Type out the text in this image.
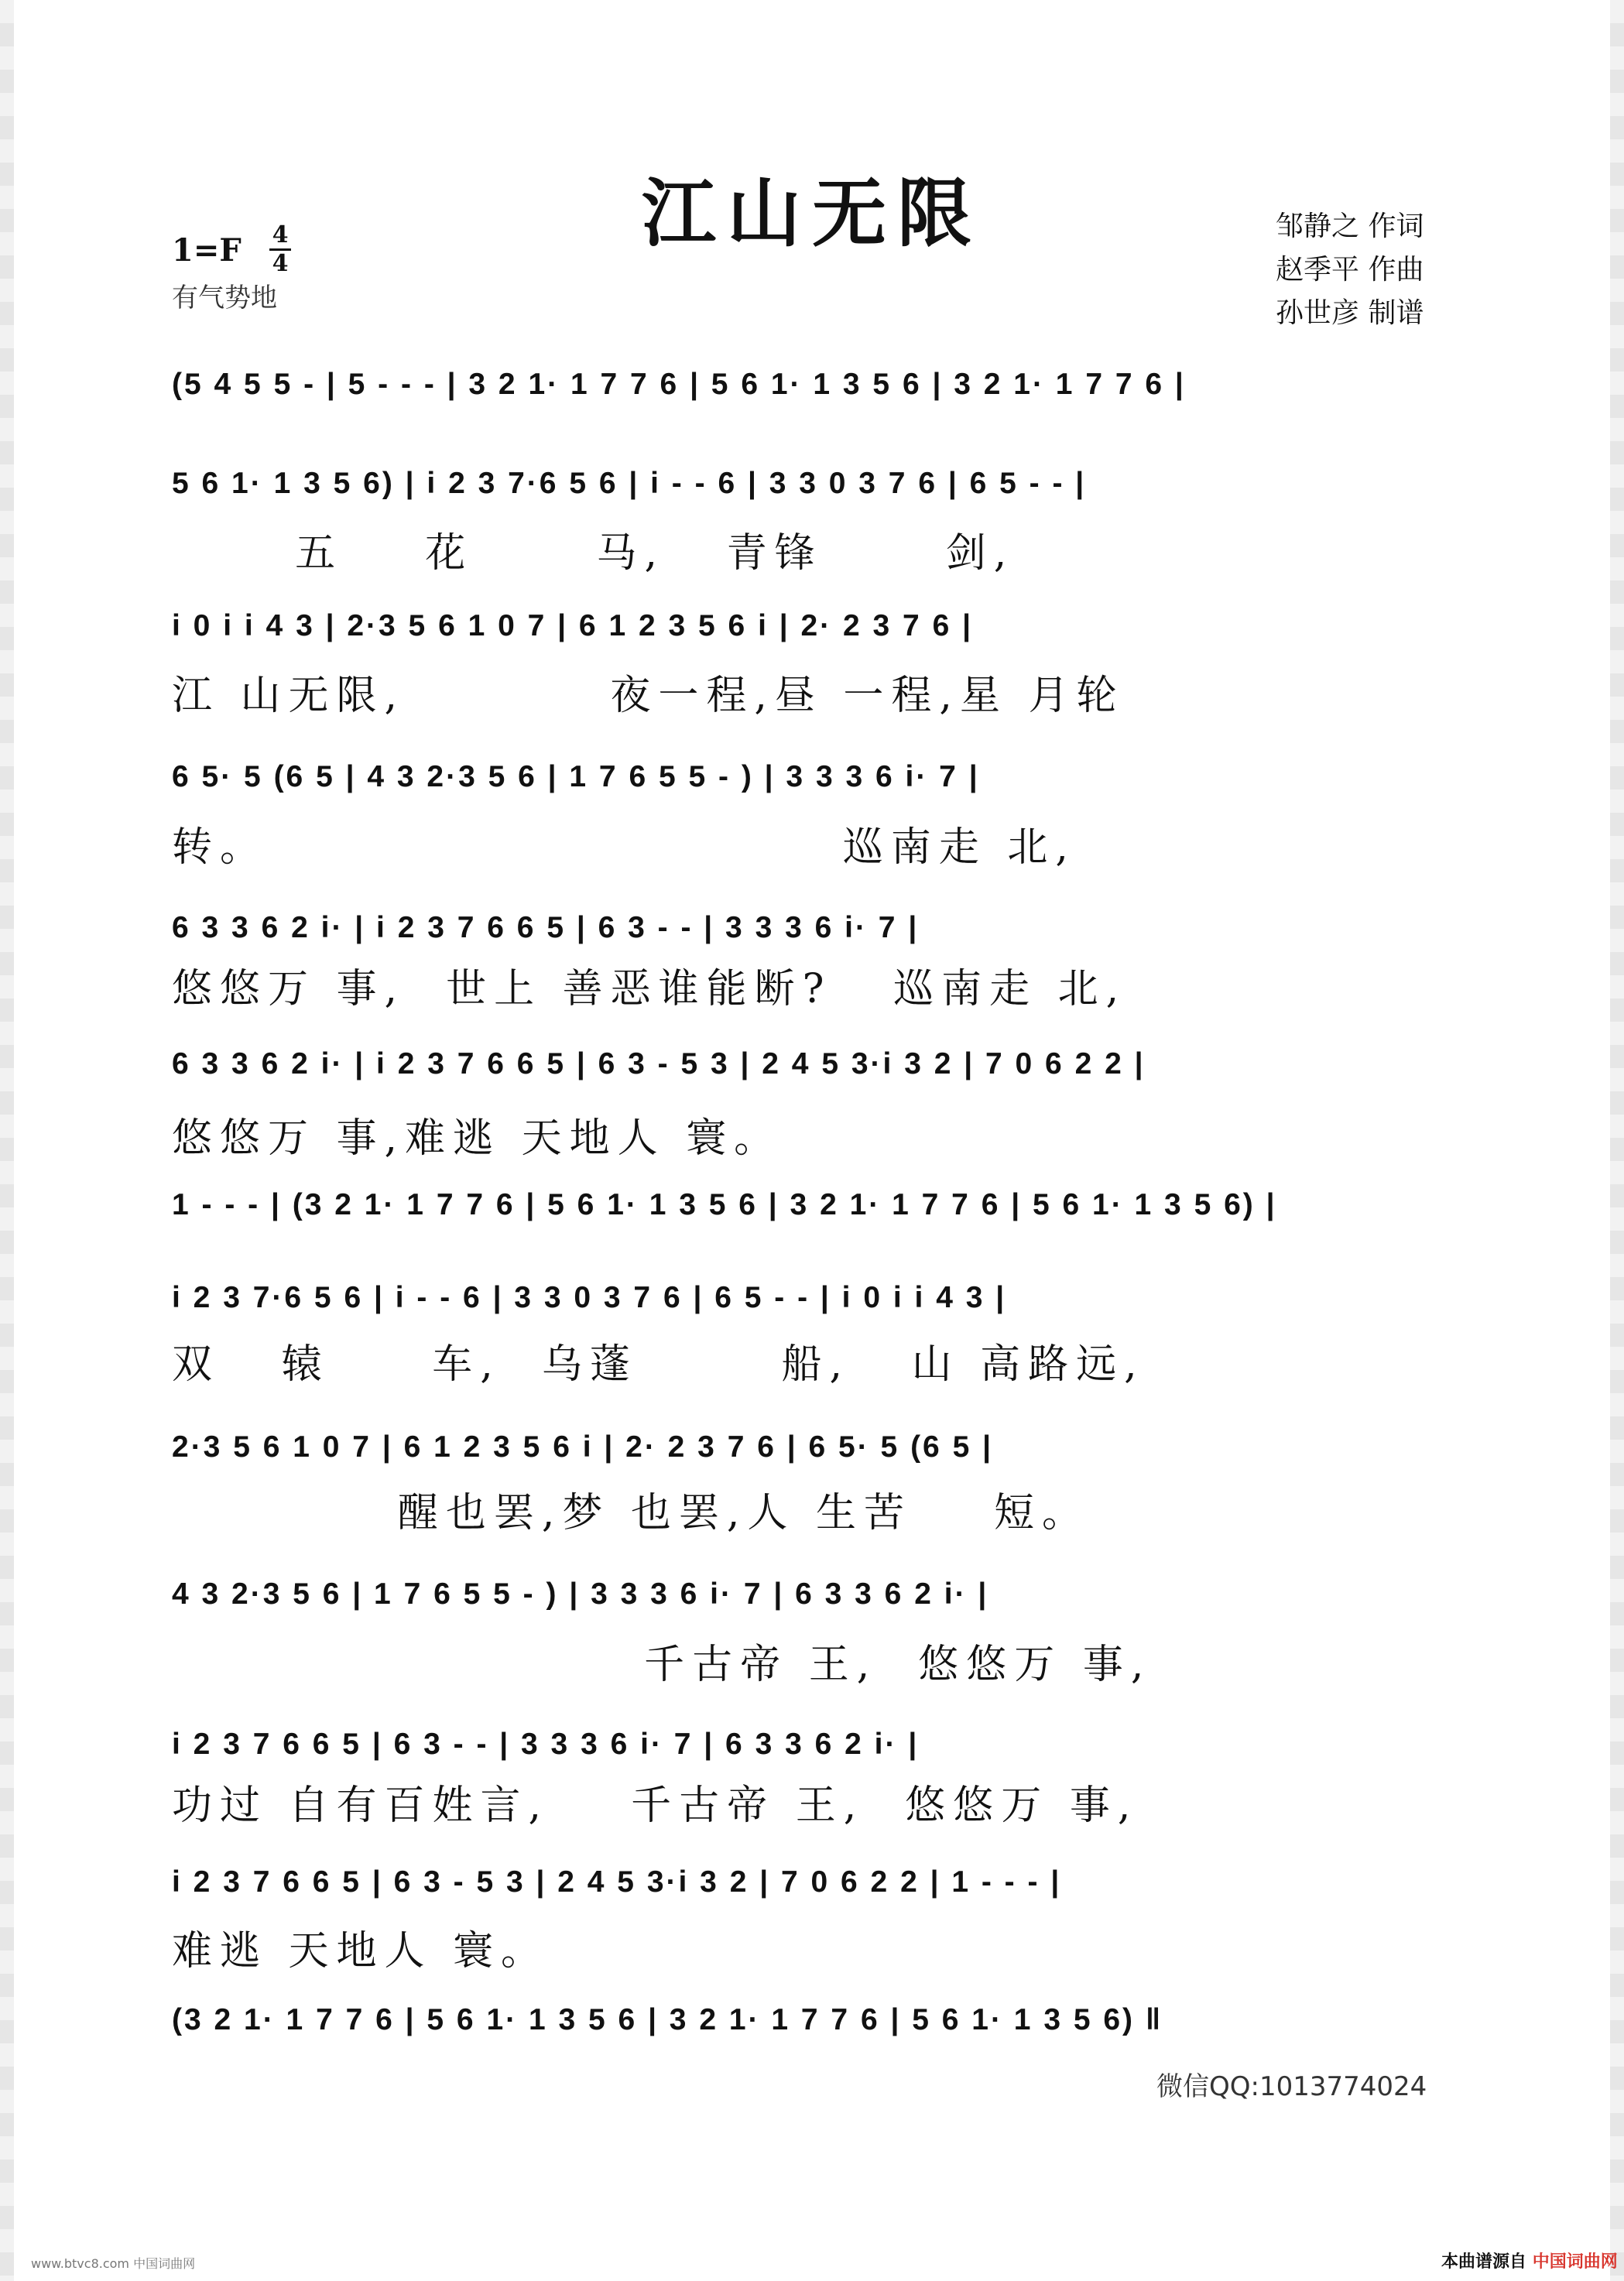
江山无限
1=F 4
4
有气势地
邹静之 作词
赵季平 作曲
孙世彦 制谱
(5 4 5 5 - | 5 - - - | 3 2 1· 1 7 7 6 | 5 6 1· 1 3 5 6 | 3 2 1· 1 7 7 6 |
5 6 1· 1 3 5 6) | i 2 3 7·6 5 6 | i - - 6 | 3 3 0 3 7 6 | 6 5 - - |
五    花      马,   青锋      剑,
i 0 i i 4 3 | 2·3 5 6 1 0 7 | 6 1 2 3 5 6 i | 2· 2 3 7 6 |
江 山无限,          夜一程,昼 一程,星 月轮
6 5· 5 (6 5 | 4 3 2·3 5 6 | 1 7 6 5 5 - ) | 3 3 3 6 i· 7 |
转。                            巡南走 北,
6 3 3 6 2 i· | i 2 3 7 6 6 5 | 6 3 - - | 3 3 3 6 i· 7 |
悠悠万 事,  世上 善恶谁能断?   巡南走 北,
6 3 3 6 2 i· | i 2 3 7 6 6 5 | 6 3 - 5 3 | 2 4 5 3·i 3 2 | 7 0 6 2 2 |
悠悠万 事,难逃 天地人 寰。
1 - - - | (3 2 1· 1 7 7 6 | 5 6 1· 1 3 5 6 | 3 2 1· 1 7 7 6 | 5 6 1· 1 3 5 6) |
i 2 3 7·6 5 6 | i - - 6 | 3 3 0 3 7 6 | 6 5 - - | i 0 i i 4 3 |
双   辕     车,  乌蓬       船,   山 高路远,
2·3 5 6 1 0 7 | 6 1 2 3 5 6 i | 2· 2 3 7 6 | 6 5· 5 (6 5 |
醒也罢,梦 也罢,人 生苦    短。
4 3 2·3 5 6 | 1 7 6 5 5 - ) | 3 3 3 6 i· 7 | 6 3 3 6 2 i· |
千古帝 王,  悠悠万 事,
i 2 3 7 6 6 5 | 6 3 - - | 3 3 3 6 i· 7 | 6 3 3 6 2 i· |
功过 自有百姓言,    千古帝 王,  悠悠万 事,
i 2 3 7 6 6 5 | 6 3 - 5 3 | 2 4 5 3·i 3 2 | 7 0 6 2 2 | 1 - - - |
难逃 天地人 寰。
(3 2 1· 1 7 7 6 | 5 6 1· 1 3 5 6 | 3 2 1· 1 7 7 6 | 5 6 1· 1 3 5 6) ‖
微信QQ:1013774024
www.btvc8.com 中国词曲网	本曲谱源自 中国词曲网
